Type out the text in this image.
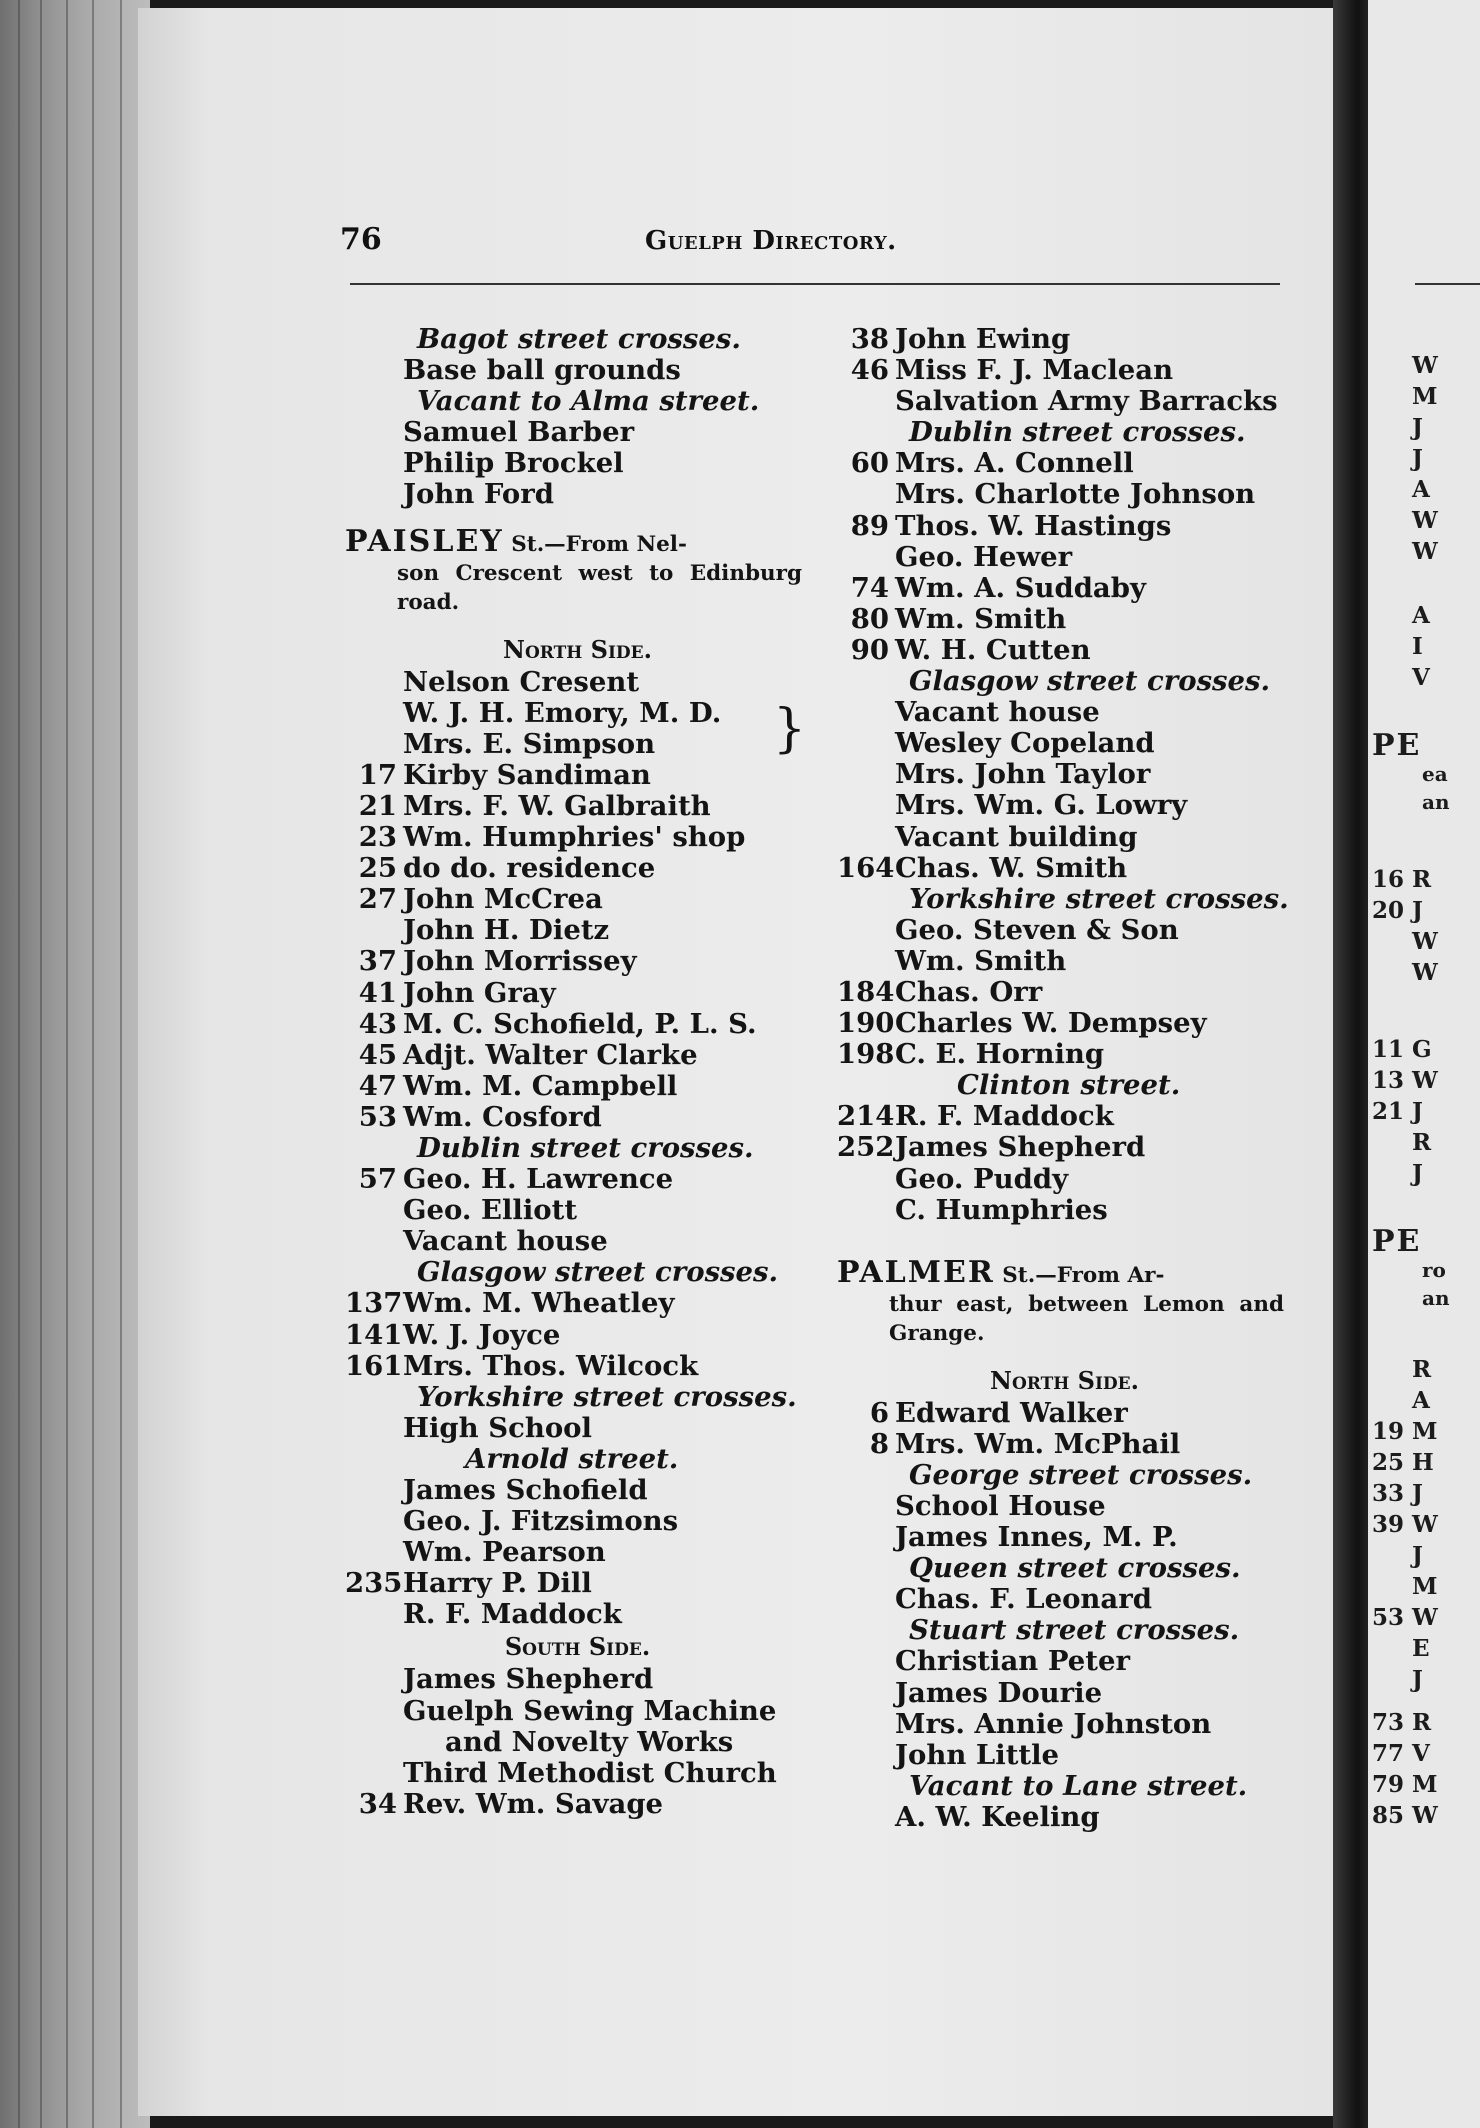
W
M
J
J
A
W
W
A
I
V
PE
ea
an
16 R
20 J
W
W
11 G
13 W
21 J
R
J
PE
ro
an
R
A
19 M
25 H
33 J
39 W
J
M
53 W
E
J
73 R
77 V
79 M
85 W
76	Guelph Directory.
Bagot street crosses.
Base ball grounds
Vacant to Alma street.
Samuel Barber
Philip Brockel
John Ford
PAISLEY St.—From Nel-
son Crescent west to Edinburg road.
North Side.
Nelson Cresent
W. J. H. Emory, M. D. }
Mrs. E. Simpson
17 Kirby Sandiman
21 Mrs. F. W. Galbraith
23 Wm. Humphries' shop
25 do do. residence
27 John McCrea
John H. Dietz
37 John Morrissey
41 John Gray
43 M. C. Schofield, P. L. S.
45 Adjt. Walter Clarke
47 Wm. M. Campbell
53 Wm. Cosford
Dublin street crosses.
57 Geo. H. Lawrence
Geo. Elliott
Vacant house
Glasgow street crosses.
137 Wm. M. Wheatley
141 W. J. Joyce
161 Mrs. Thos. Wilcock
Yorkshire street crosses.
High School
Arnold street.
James Schofield
Geo. J. Fitzsimons
Wm. Pearson
235 Harry P. Dill
R. F. Maddock
South Side.
James Shepherd
Guelph Sewing Machine
and Novelty Works
Third Methodist Church
34 Rev. Wm. Savage
38 John Ewing
46 Miss F. J. Maclean
Salvation Army Barracks
Dublin street crosses.
60 Mrs. A. Connell
Mrs. Charlotte Johnson
89 Thos. W. Hastings
Geo. Hewer
74 Wm. A. Suddaby
80 Wm. Smith
90 W. H. Cutten
Glasgow street crosses.
Vacant house
Wesley Copeland
Mrs. John Taylor
Mrs. Wm. G. Lowry
Vacant building
164 Chas. W. Smith
Yorkshire street crosses.
Geo. Steven & Son
Wm. Smith
184 Chas. Orr
190 Charles W. Dempsey
198 C. E. Horning
Clinton street.
214 R. F. Maddock
252 James Shepherd
Geo. Puddy
C. Humphries
PALMER St.—From Ar-
thur east, between Lemon and Grange.
North Side.
6 Edward Walker
8 Mrs. Wm. McPhail
George street crosses.
School House
James Innes, M. P.
Queen street crosses.
Chas. F. Leonard
Stuart street crosses.
Christian Peter
James Dourie
Mrs. Annie Johnston
John Little
Vacant to Lane street.
A. W. Keeling
